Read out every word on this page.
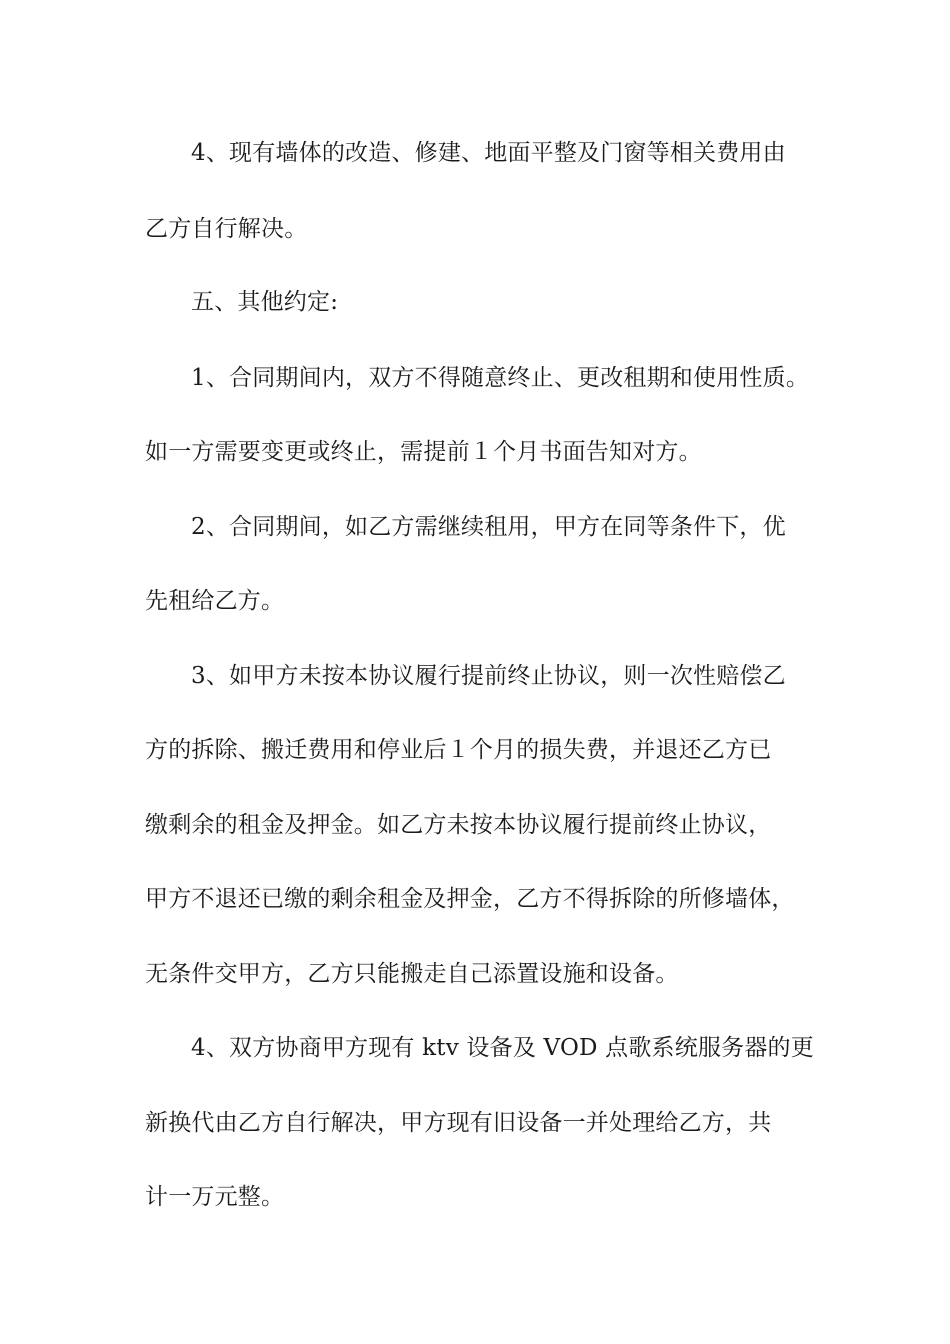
4、现有墙体的改造、修建、地面平整及门窗等相关费用由
乙方自行解决。
五、其他约定:
1、合同期间内，双方不得随意终止、更改租期和使用性质。
如一方需要变更或终止，需提前１个月书面告知对方。
2、合同期间，如乙方需继续租用，甲方在同等条件下，优
先租给乙方。
3、如甲方未按本协议履行提前终止协议，则一次性赔偿乙
方的拆除、搬迁费用和停业后１个月的损失费，并退还乙方已
缴剩余的租金及押金。如乙方未按本协议履行提前终止协议，
甲方不退还已缴的剩余租金及押金，乙方不得拆除的所修墙体，
无条件交甲方，乙方只能搬走自己添置设施和设备。
4、双方协商甲方现有 ktv 设备及 VOD 点歌系统服务器的更
新换代由乙方自行解决，甲方现有旧设备一并处理给乙方，共
计一万元整。
